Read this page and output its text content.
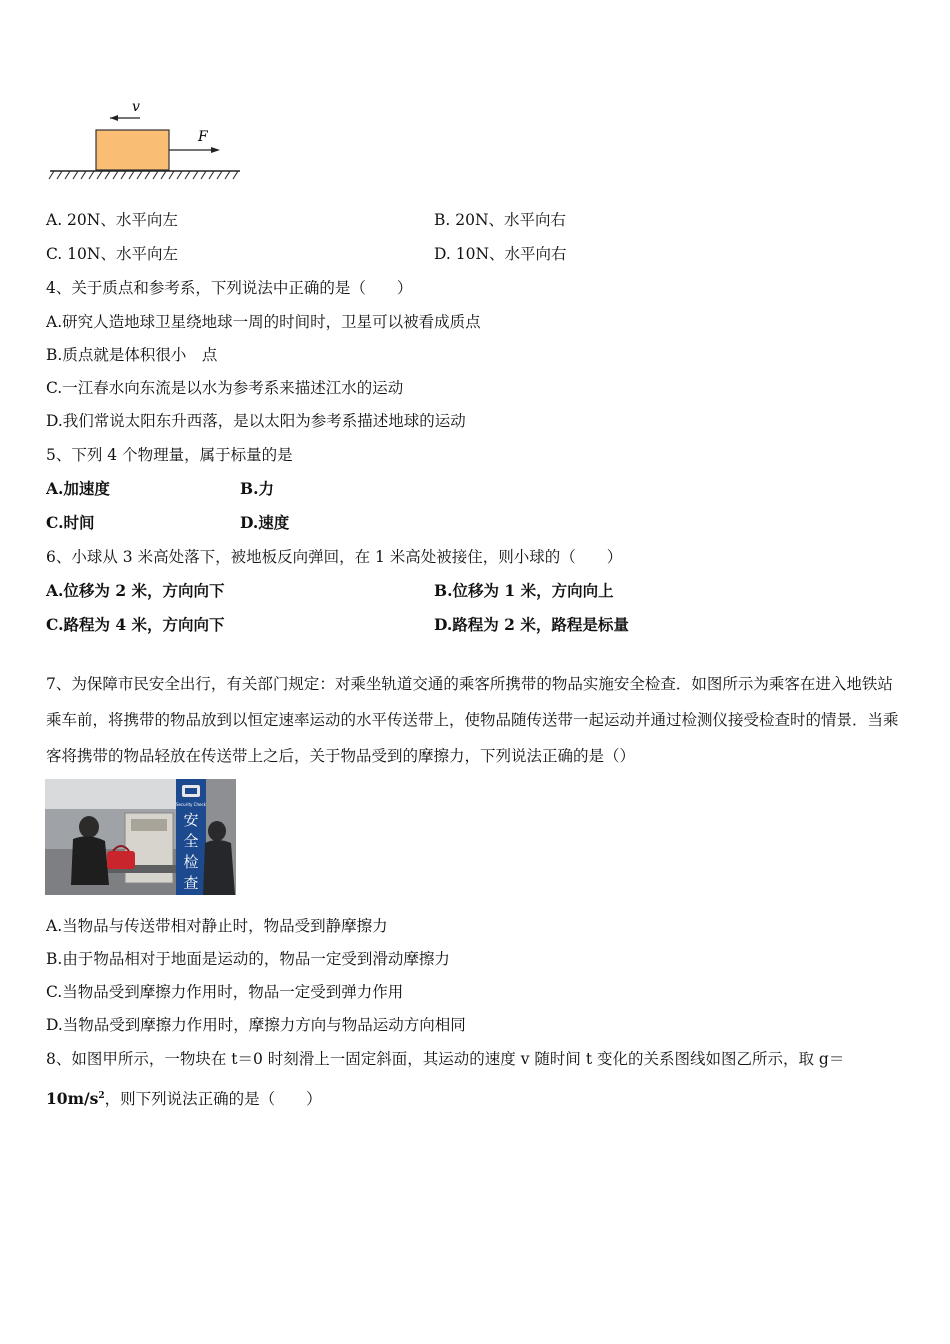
v
F
A. 20N、水平向左	B. 20N、水平向右
C. 10N、水平向左	D. 10N、水平向右
4、关于质点和参考系，下列说法中正确的是（　　）
A.研究人造地球卫星绕地球一周的时间时，卫星可以被看成质点
B.质点就是体积很小　点
C.一江春水向东流是以水为参考系来描述江水的运动
D.我们常说太阳东升西落，是以太阳为参考系描述地球的运动
5、下列 4 个物理量，属于标量的是
A.加速度	B.力
C.时间	D.速度
6、小球从 3 米高处落下，被地板反向弹回，在 1 米高处被接住，则小球的（　　）
A.位移为 2 米，方向向下	B.位移为 1 米，方向向上
C.路程为 4 米，方向向下	D.路程为 2 米，路程是标量
7、为保障市民安全出行，有关部门规定：对乘坐轨道交通的乘客所携带的物品实施安全检查．如图所示为乘客在进入地铁站乘车前，将携带的物品放到以恒定速率运动的水平传送带上，使物品随传送带一起运动并通过检测仪接受检查时的情景．当乘客将携带的物品轻放在传送带上之后，关于物品受到的摩擦力，下列说法正确的是（）
安
全
检
查
Security Check
A.当物品与传送带相对静止时，物品受到静摩擦力
B.由于物品相对于地面是运动的，物品一定受到滑动摩擦力
C.当物品受到摩擦力作用时，物品一定受到弹力作用
D.当物品受到摩擦力作用时，摩擦力方向与物品运动方向相同
8、如图甲所示，一物块在 t＝0 时刻滑上一固定斜面，其运动的速度 v 随时间 t 变化的关系图线如图乙所示，取 g＝
$10m/s^2$，则下列说法正确的是（　　）
